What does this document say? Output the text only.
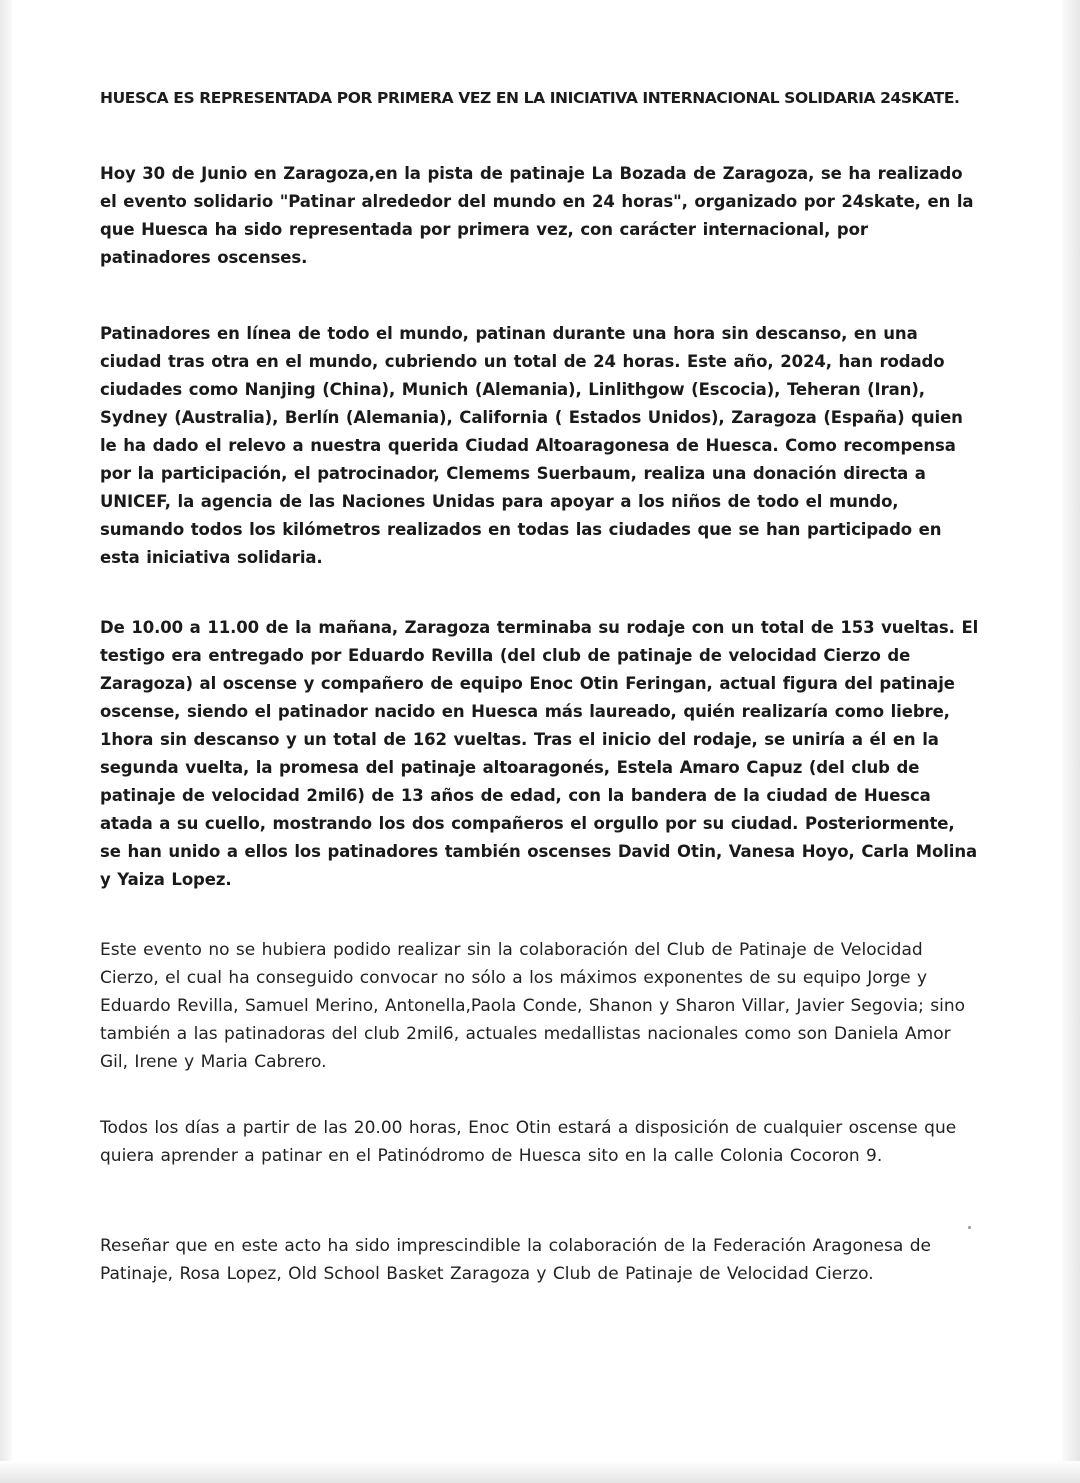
HUESCA ES REPRESENTADA POR PRIMERA VEZ EN LA INICIATIVA INTERNACIONAL SOLIDARIA 24SKATE.

Hoy 30 de Junio en Zaragoza,en la pista de patinaje La Bozada de Zaragoza, se ha realizado el evento solidario "Patinar alrededor del mundo en 24 horas", organizado por 24skate, en la que Huesca ha sido representada por primera vez, con carácter internacional, por patinadores oscenses.

Patinadores en línea de todo el mundo, patinan durante una hora sin descanso, en una ciudad tras otra en el mundo, cubriendo un total de 24 horas. Este año, 2024, han rodado ciudades como Nanjing (China), Munich (Alemania), Linlithgow (Escocia), Teheran (Iran), Sydney (Australia), Berlín (Alemania), California ( Estados Unidos), Zaragoza (España) quien le ha dado el relevo a nuestra querida Ciudad Altoaragonesa de Huesca. Como recompensa por la participación, el patrocinador, Clemems Suerbaum, realiza una donación directa a UNICEF, la agencia de las Naciones Unidas para apoyar a los niños de todo el mundo, sumando todos los kilómetros realizados en todas las ciudades que se han participado en esta iniciativa solidaria.

De 10.00 a 11.00 de la mañana, Zaragoza terminaba su rodaje con un total de 153 vueltas. El testigo era entregado por Eduardo Revilla (del club de patinaje de velocidad Cierzo de Zaragoza) al oscense y compañero de equipo Enoc Otin Feringan, actual figura del patinaje oscense, siendo el patinador nacido en Huesca más laureado, quién realizaría como liebre, 1hora sin descanso y un total de 162 vueltas. Tras el inicio del rodaje, se uniría a él en la segunda vuelta, la promesa del patinaje altoaragonés, Estela Amaro Capuz (del club de patinaje de velocidad 2mil6) de 13 años de edad, con la bandera de la ciudad de Huesca atada a su cuello, mostrando los dos compañeros el orgullo por su ciudad. Posteriormente, se han unido a ellos los patinadores también oscenses David Otin, Vanesa Hoyo, Carla Molina y Yaiza Lopez.

Este evento no se hubiera podido realizar sin la colaboración del Club de Patinaje de Velocidad Cierzo, el cual ha conseguido convocar no sólo a los máximos exponentes de su equipo Jorge y Eduardo Revilla, Samuel Merino, Antonella,Paola Conde, Shanon y Sharon Villar, Javier Segovia; sino también a las patinadoras del club 2mil6, actuales medallistas nacionales como son Daniela Amor Gil, Irene y Maria Cabrero.

Todos los días a partir de las 20.00 horas, Enoc Otin estará a disposición de cualquier oscense que quiera aprender a patinar en el Patinódromo de Huesca sito en la calle Colonia Cocoron 9.

Reseñar que en este acto ha sido imprescindible la colaboración de la Federación Aragonesa de Patinaje, Rosa Lopez, Old School Basket Zaragoza y Club de Patinaje de Velocidad Cierzo.
